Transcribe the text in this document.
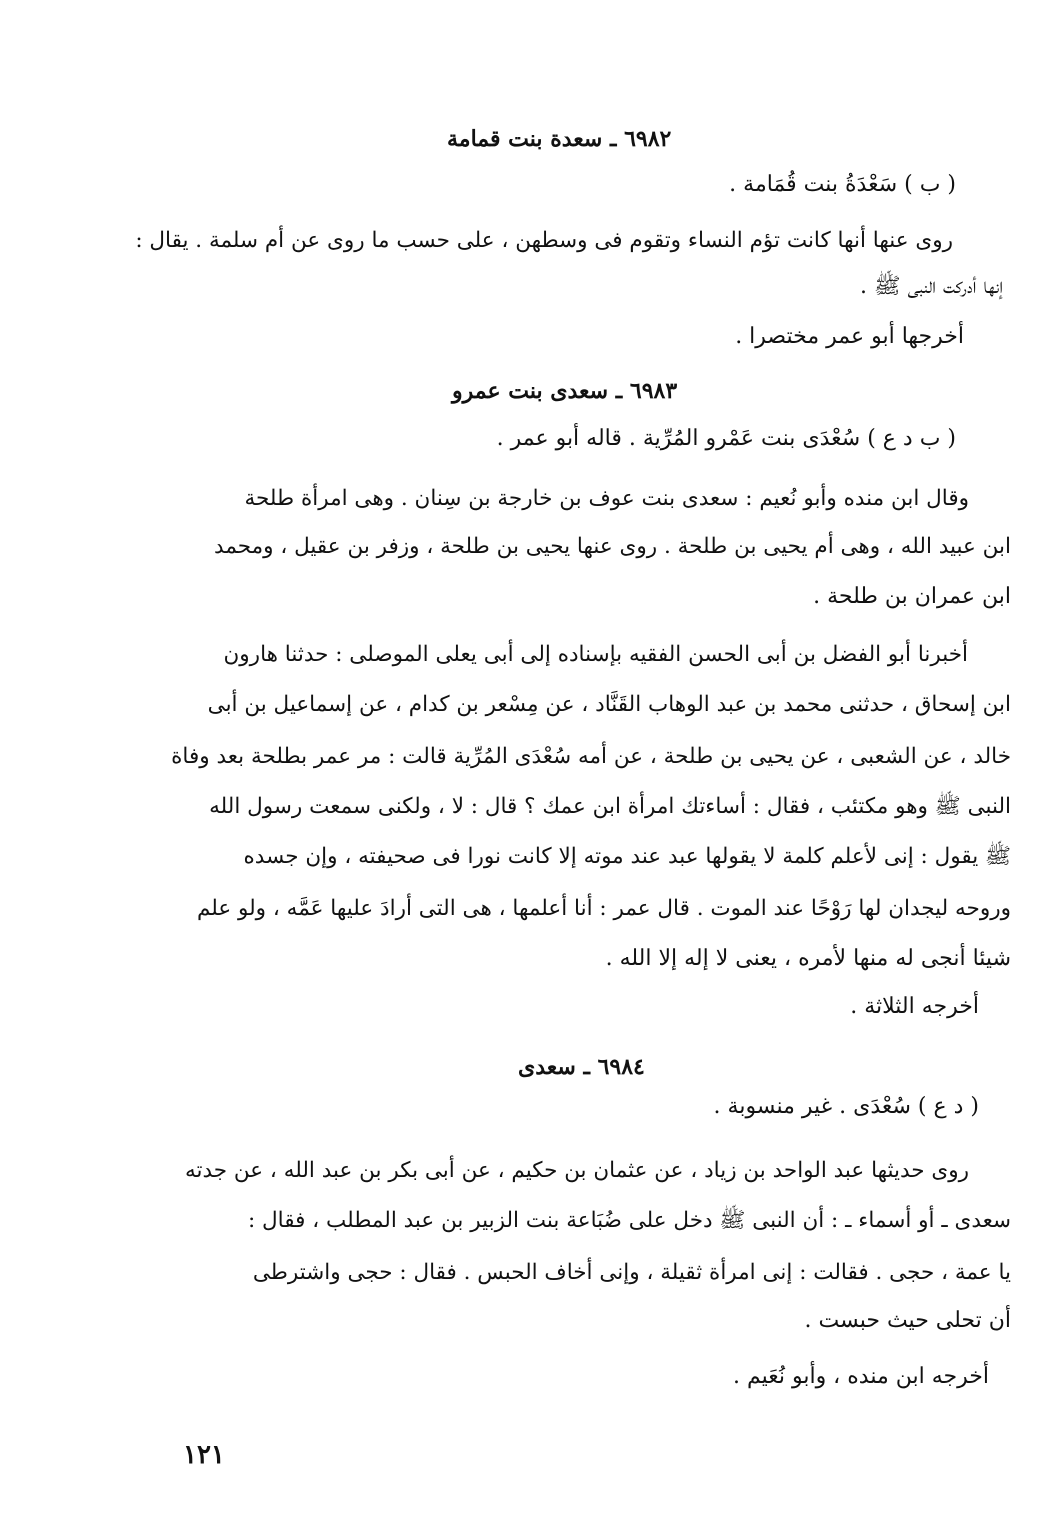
٦٩٨٢ ـ سعدة بنت قمامة
( ب ) سَعْدَةُ بنت قُمَامة .
روى عنها أنها كانت تؤم النساء وتقوم فى وسطهن ، على حسب ما روى عن أم سلمة . يقال :
إنها أدركت النبى ﷺ .
أخرجها أبو عمر مختصرا .
٦٩٨٣ ـ سعدى بنت عمرو
( ب د ع ) سُعْدَى بنت عَمْرو المُرِّية . قاله أبو عمر .
وقال ابن منده وأبو نُعيم : سعدى بنت عوف بن خارجة بن سِنان . وهى امرأة طلحة
ابن عبيد الله ، وهى أم يحيى بن طلحة . روى عنها يحيى بن طلحة ، وزفر بن عقيل ، ومحمد
ابن عمران بن طلحة .
أخبرنا أبو الفضل بن أبى الحسن الفقيه بإسناده إلى أبى يعلى الموصلى : حدثنا هارون
ابن إسحاق ، حدثنى محمد بن عبد الوهاب القَنَّاد ، عن مِسْعر بن كدام ، عن إسماعيل بن أبى
خالد ، عن الشعبى ، عن يحيى بن طلحة ، عن أمه سُعْدَى المُرِّية قالت : مر عمر بطلحة بعد وفاة
النبى ﷺ وهو مكتئب ، فقال : أساءتك امرأة ابن عمك ؟ قال : لا ، ولكنى سمعت رسول الله
ﷺ يقول : إنى لأعلم كلمة لا يقولها عبد عند موته إلا كانت نورا فى صحيفته ، وإن جسده
وروحه ليجدان لها رَوْحًا عند الموت . قال عمر : أنا أعلمها ، هى التى أرادَ عليها عَمَّه ، ولو علم
شيئا أنجى له منها لأمره ، يعنى لا إله إلا الله .
أخرجه الثلاثة .
٦٩٨٤ ـ سعدى
( د ع ) سُعْدَى . غير منسوبة .
روى حديثها عبد الواحد بن زياد ، عن عثمان بن حكيم ، عن أبى بكر بن عبد الله ، عن جدته
سعدى ـ أو أسماء ـ : أن النبى ﷺ دخل على ضُبَاعة بنت الزبير بن عبد المطلب ، فقال :
يا عمة ، حجى . فقالت : إنى امرأة ثقيلة ، وإنى أخاف الحبس . فقال : حجى واشترطى
أن تحلى حيث حبست .
أخرجه ابن منده ، وأبو نُعَيم .
١٢١
